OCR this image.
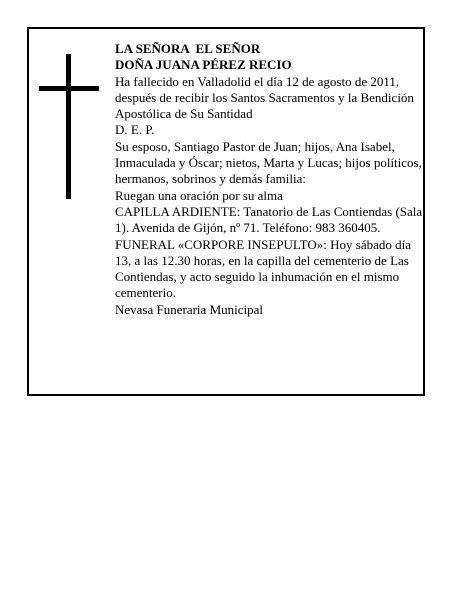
LA SEÑORA  EL SEÑOR
DOÑA JUANA PÉREZ RECIO
Ha fallecido en Valladolid el día 12 de agosto de 2011, después de recibir los Santos Sacramentos y la Bendición Apostólica de Su Santidad
D. E. P.
Su esposo, Santiago Pastor de Juan; hijos, Ana Isabel, Inmaculada y Óscar; nietos, Marta y Lucas; hijos políticos, hermanos, sobrinos y demás familia:
Ruegan una oración por su alma
CAPILLA ARDIENTE: Tanatorio de Las Contiendas (Sala 1). Avenida de Gijón, nº 71. Teléfono: 983 360405.
FUNERAL «CORPORE INSEPULTO»: Hoy sábado día 13, a las 12.30 horas, en la capilla del cementerio de Las Contiendas, y acto seguido la inhumación en el mismo cementerio.
Nevasa Funeraria Municipal
